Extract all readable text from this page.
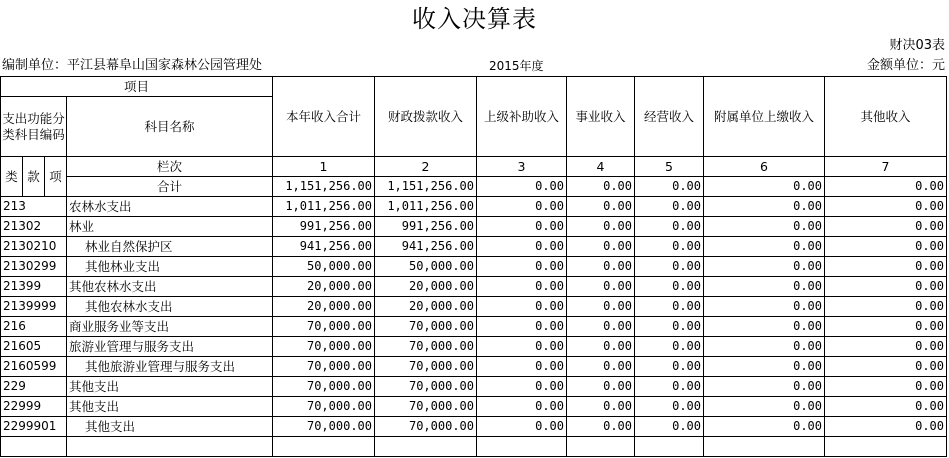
收入决算表
财决03表
编制单位：平江县幕阜山国家森林公园管理处	2015年度	金额单位：元
项目				本年收入合计	财政拨款收入	上级补助收入	事业收入	经营收入	附属单位上缴收入	其他收入
支出功能分类科目编码			科目名称							

类	款	项	栏次	1	2	3	4	5	6	7
			合计	1,151,256.00	1,151,256.00	0.00	0.00	0.00	0.00	0.00
213			农林水支出	1,011,256.00	1,011,256.00	0.00	0.00	0.00	0.00	0.00
21302			林业	991,256.00	991,256.00	0.00	0.00	0.00	0.00	0.00
2130210			林业自然保护区	941,256.00	941,256.00	0.00	0.00	0.00	0.00	0.00
2130299			其他林业支出	50,000.00	50,000.00	0.00	0.00	0.00	0.00	0.00
21399			其他农林水支出	20,000.00	20,000.00	0.00	0.00	0.00	0.00	0.00
2139999			其他农林水支出	20,000.00	20,000.00	0.00	0.00	0.00	0.00	0.00
216			商业服务业等支出	70,000.00	70,000.00	0.00	0.00	0.00	0.00	0.00
21605			旅游业管理与服务支出	70,000.00	70,000.00	0.00	0.00	0.00	0.00	0.00
2160599			其他旅游业管理与服务支出	70,000.00	70,000.00	0.00	0.00	0.00	0.00	0.00
229			其他支出	70,000.00	70,000.00	0.00	0.00	0.00	0.00	0.00
22999			其他支出	70,000.00	70,000.00	0.00	0.00	0.00	0.00	0.00
2299901			其他支出	70,000.00	70,000.00	0.00	0.00	0.00	0.00	0.00
